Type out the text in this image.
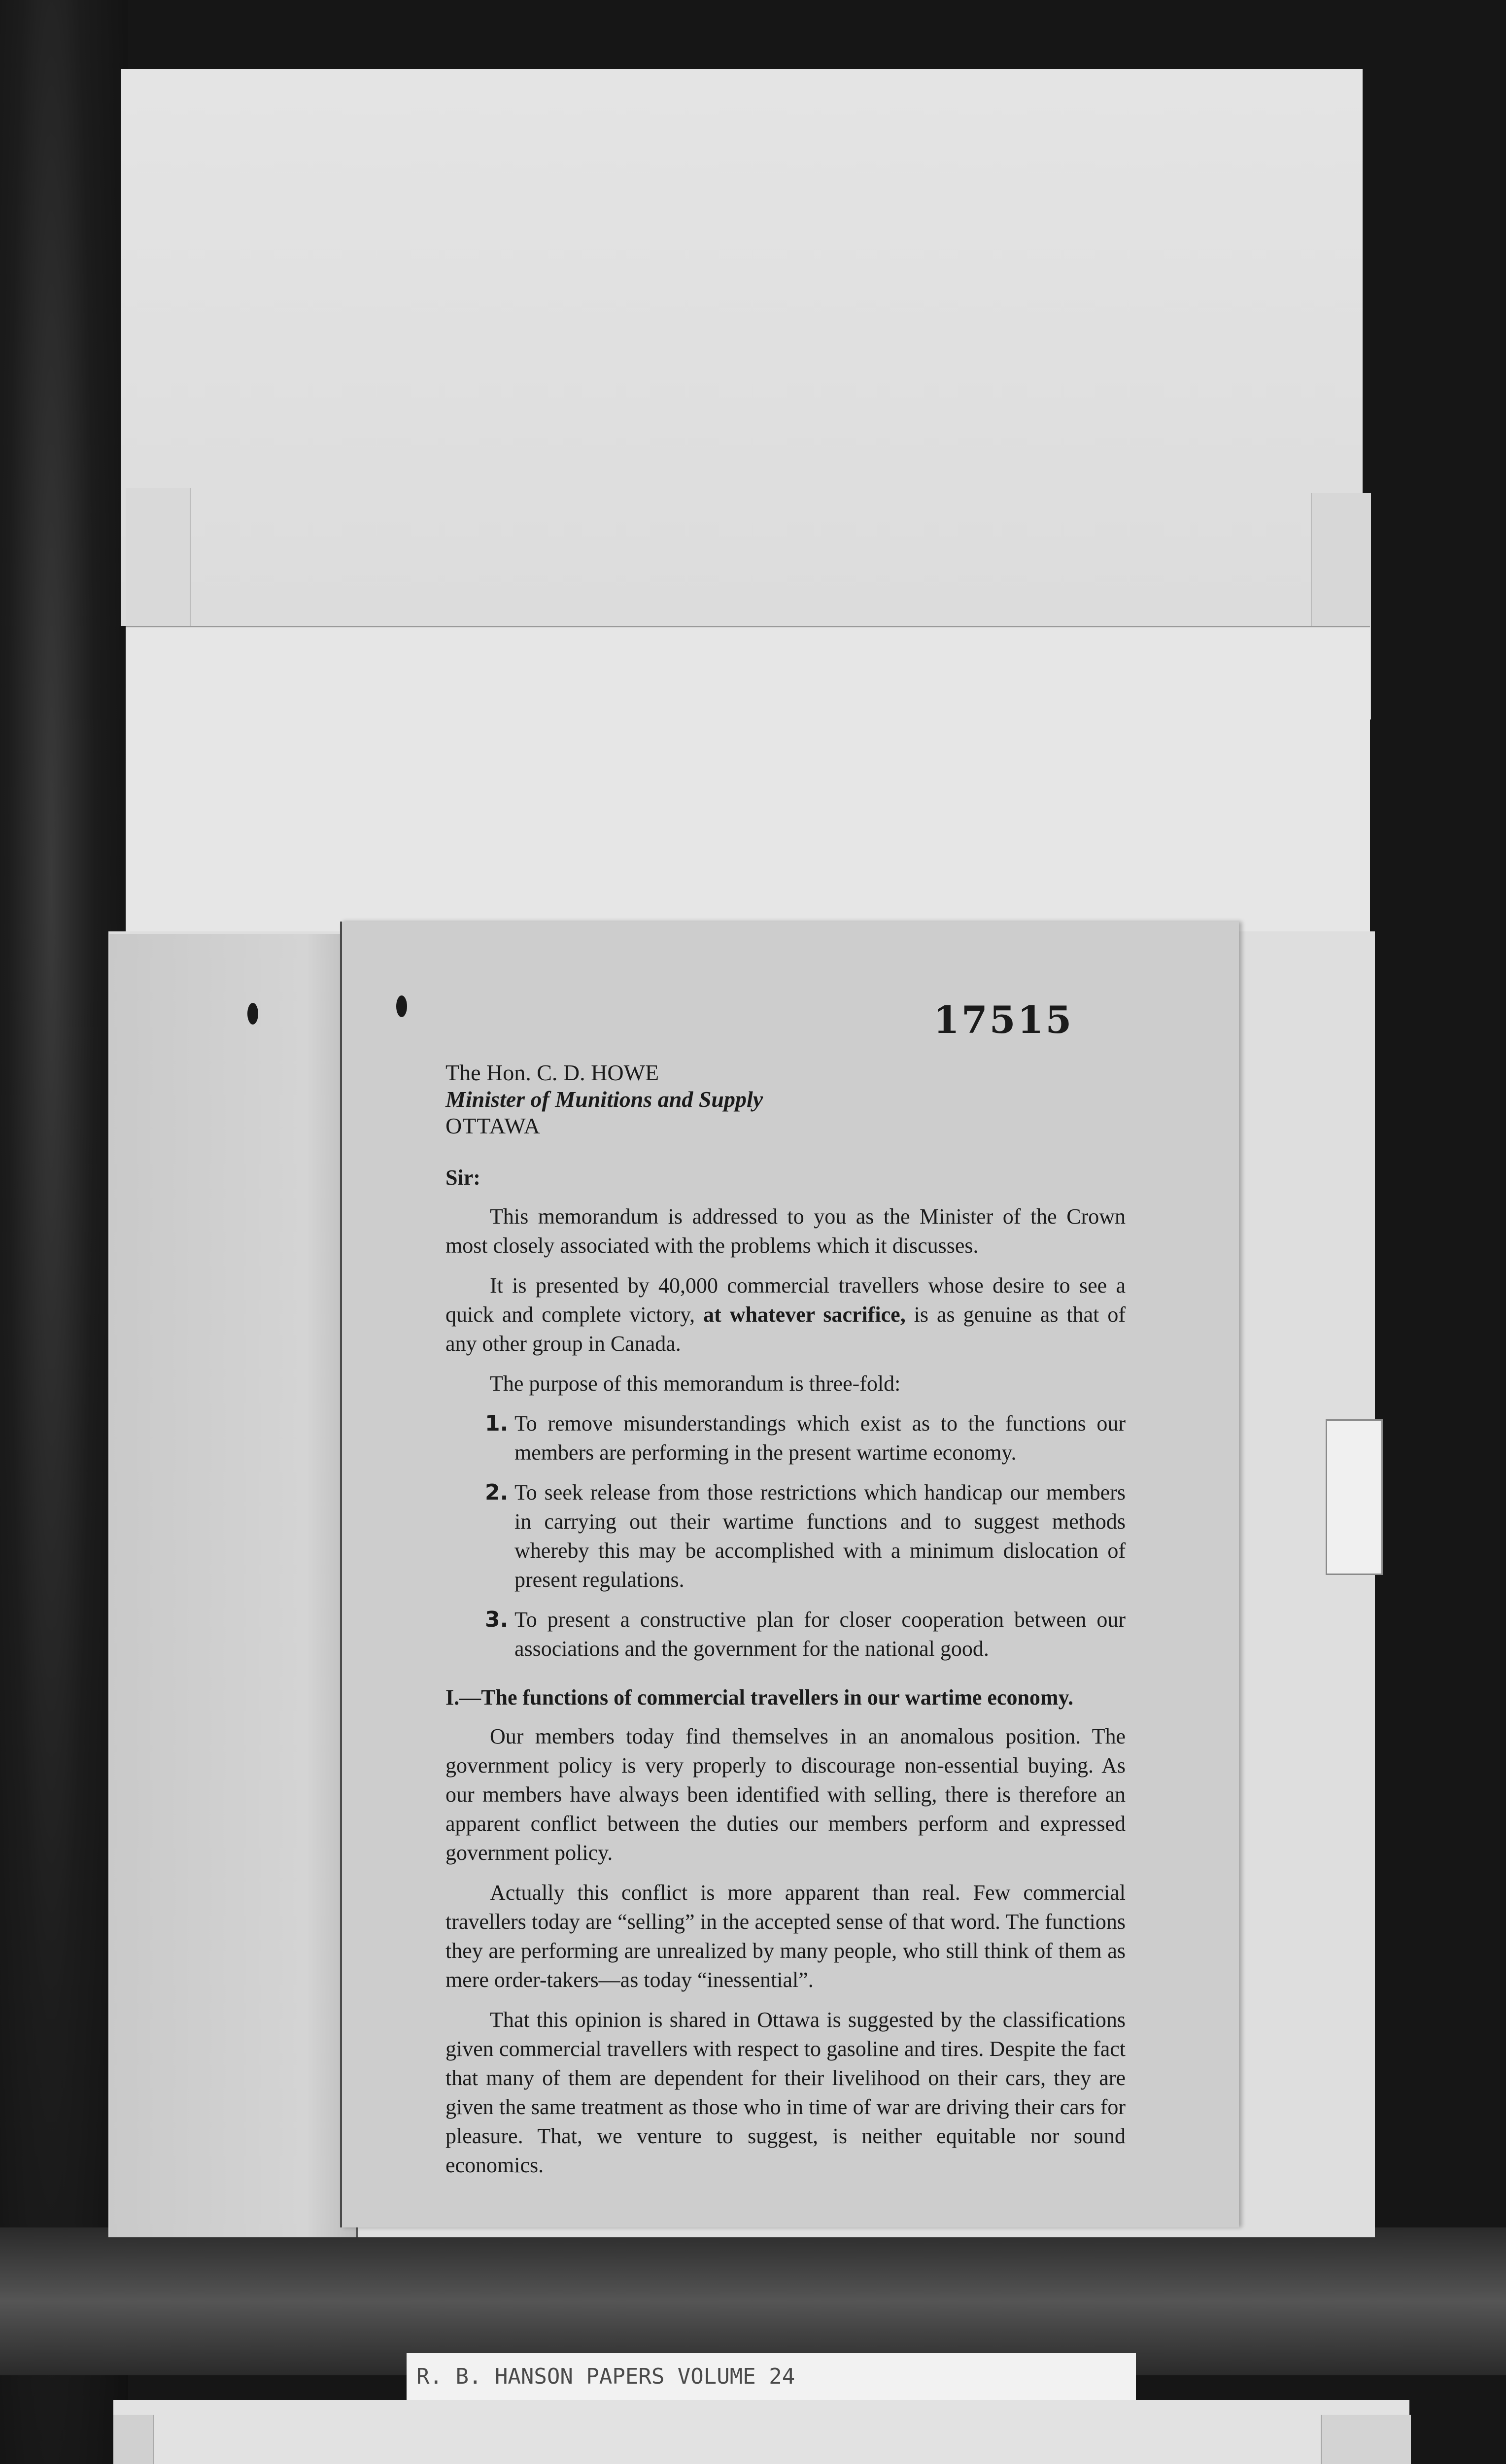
17515
The Hon. C. D. HOWE
Minister of Munitions and Supply
OTTAWA

Sir:

This memorandum is addressed to you as the Minister of the Crown most closely associated with the problems which it discusses.

It is presented by 40,000 commercial travellers whose desire to see a quick and complete victory, at whatever sacrifice, is as genuine as that of any other group in Canada.

The purpose of this memorandum is three-fold:

1. To remove misunderstandings which exist as to the functions our members are performing in the present wartime economy.
2. To seek release from those restrictions which handicap our members in carrying out their wartime functions and to suggest methods whereby this may be accomplished with a minimum dislocation of present regulations.
3. To present a constructive plan for closer cooperation between our associations and the government for the national good.

I.—The functions of commercial travellers in our wartime economy.

Our members today find themselves in an anomalous position. The government policy is very properly to discourage non-essential buying. As our members have always been identified with selling, there is therefore an apparent conflict between the duties our members perform and expressed government policy.

Actually this conflict is more apparent than real. Few commercial travellers today are “selling” in the accepted sense of that word. The functions they are performing are unrealized by many people, who still think of them as mere order-takers—as today “inessential”.

That this opinion is shared in Ottawa is suggested by the classifications given commercial travellers with respect to gasoline and tires. Despite the fact that many of them are dependent for their livelihood on their cars, they are given the same treatment as those who in time of war are driving their cars for pleasure. That, we venture to suggest, is neither equitable nor sound economics.

R. B. HANSON PAPERS VOLUME 24
